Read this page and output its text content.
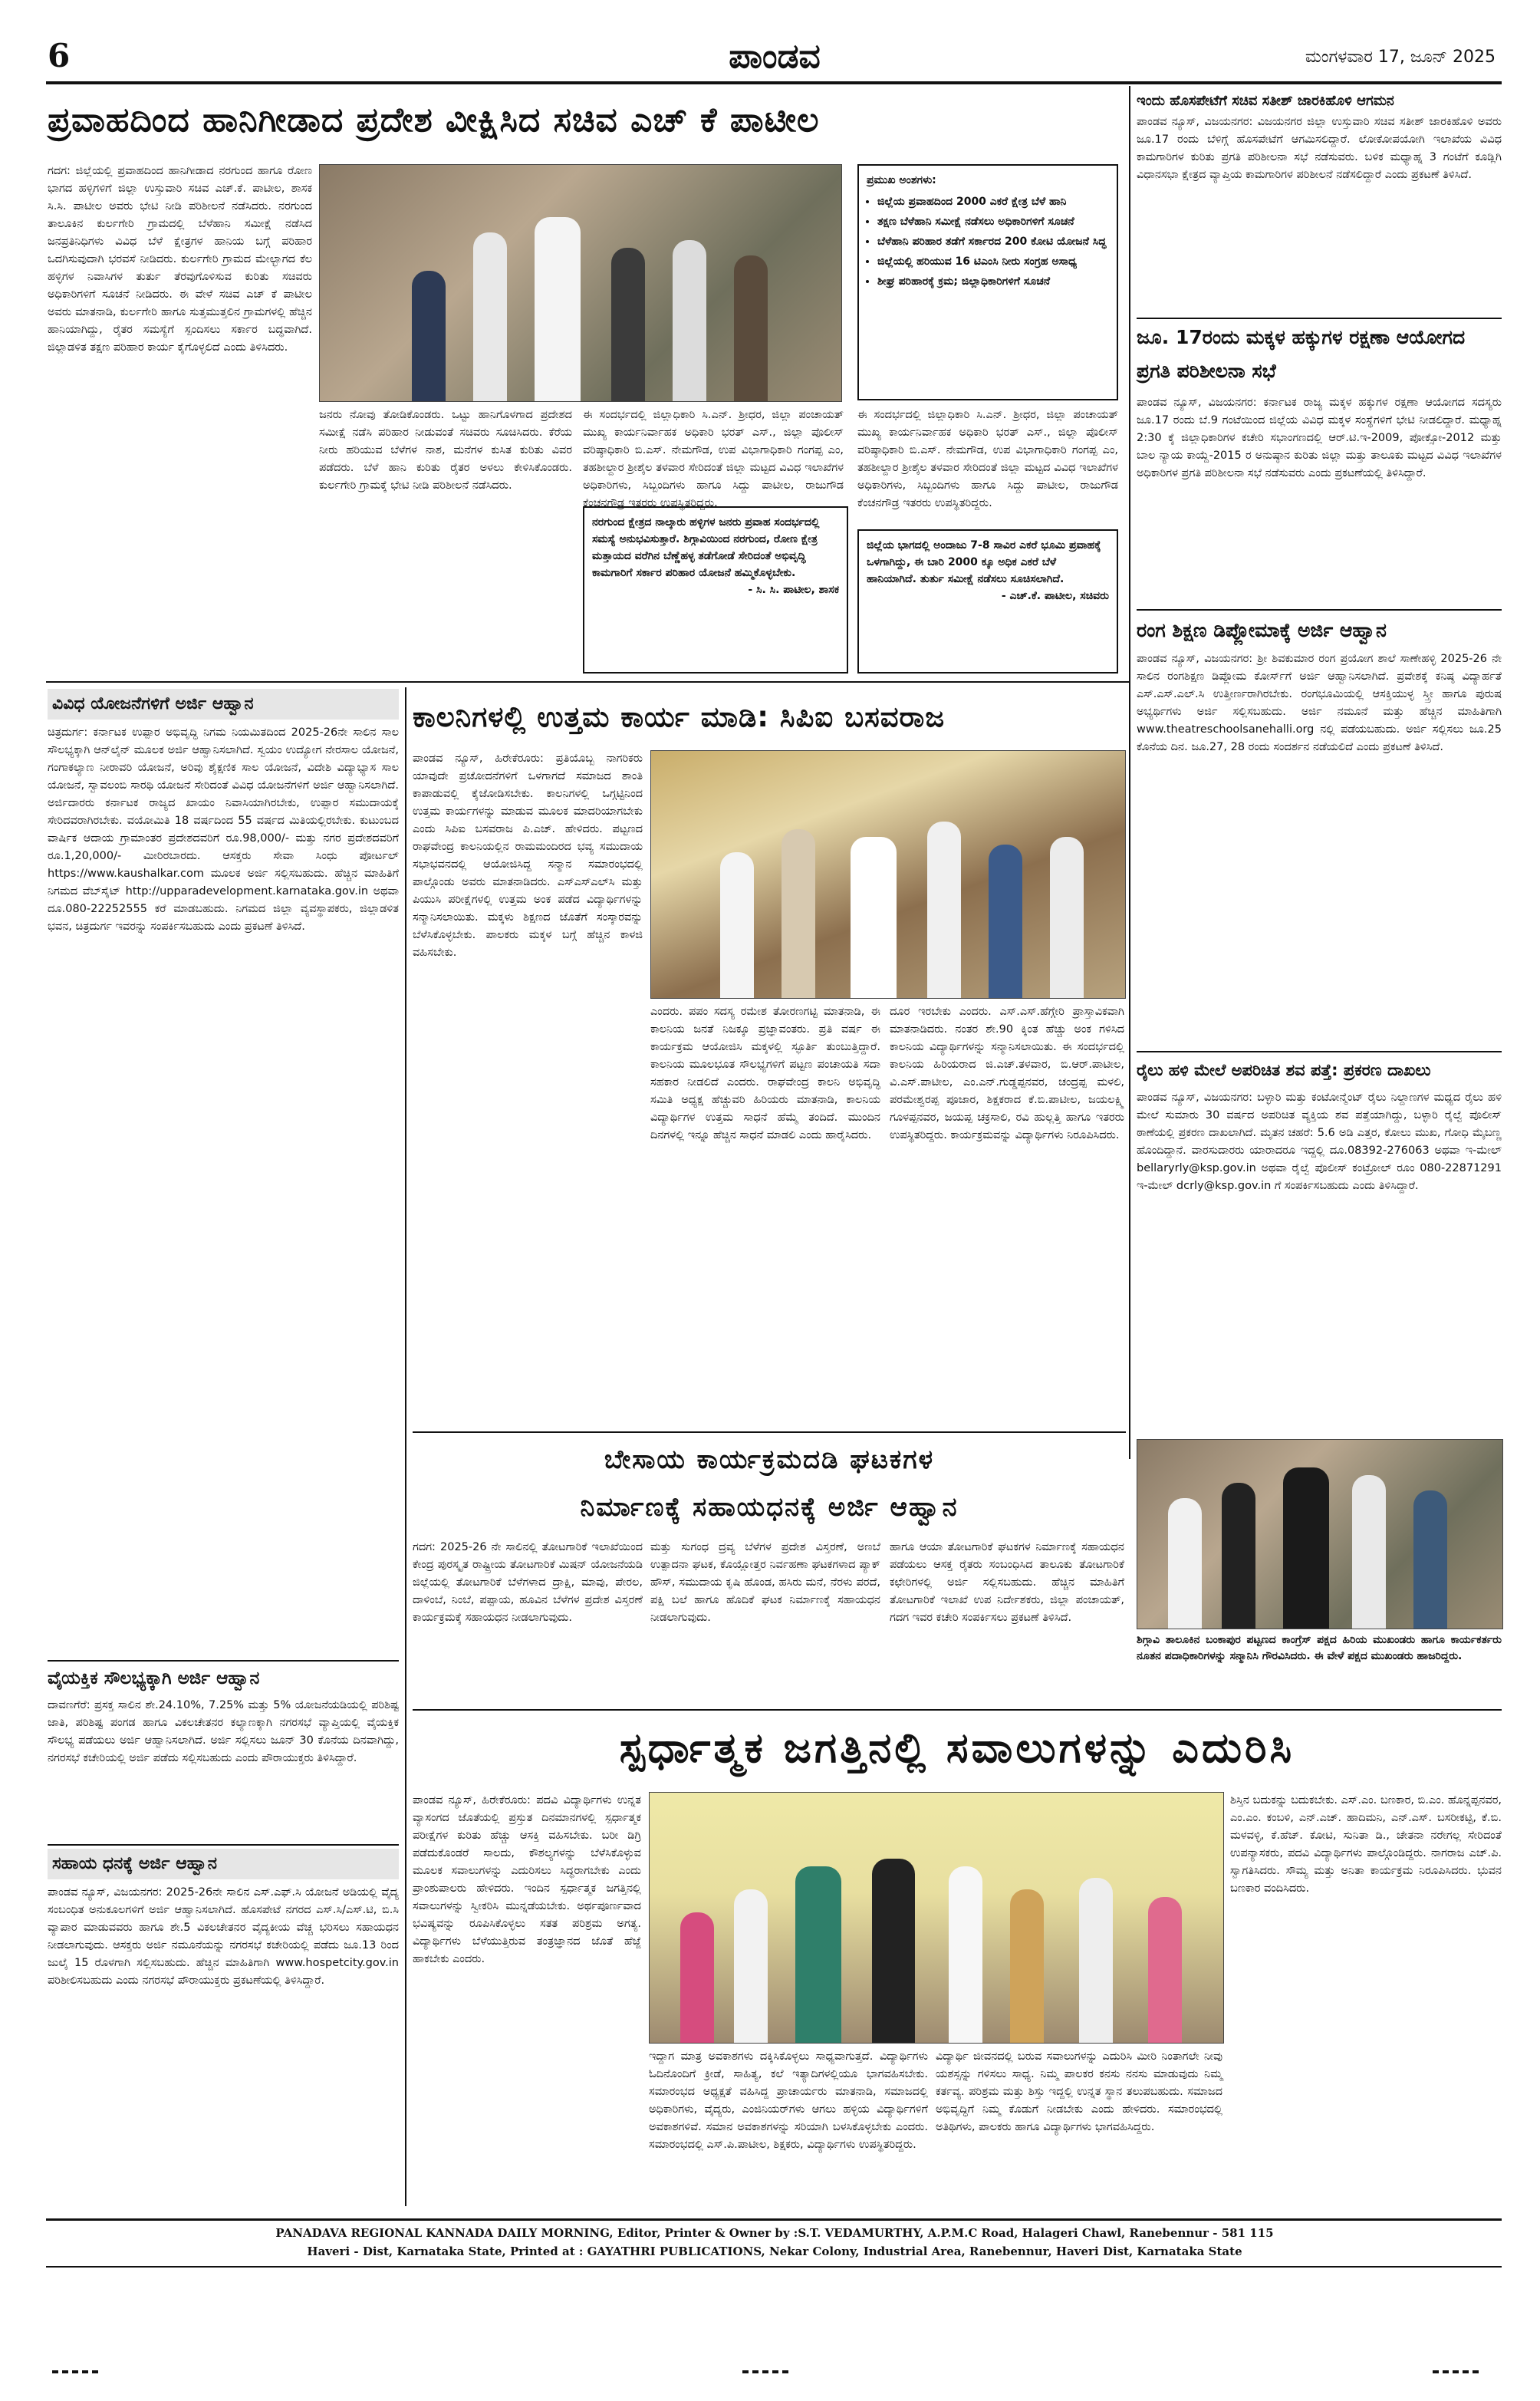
6	ಪಾಂಡವ	ಮಂಗಳವಾರ 17, ಜೂನ್ 2025
ಪ್ರವಾಹದಿಂದ ಹಾನಿಗೀಡಾದ ಪ್ರದೇಶ ವೀಕ್ಷಿಸಿದ ಸಚಿವ ಎಚ್ ಕೆ ಪಾಟೀಲ
ಗದಗ: ಜಿಲ್ಲೆಯಲ್ಲಿ ಪ್ರವಾಹದಿಂದ ಹಾನಿಗೀಡಾದ ನರಗುಂದ ಹಾಗೂ ರೋಣ ಭಾಗದ ಹಳ್ಳಿಗಳಿಗೆ ಜಿಲ್ಲಾ ಉಸ್ತುವಾರಿ ಸಚಿವ ಎಚ್.ಕೆ. ಪಾಟೀಲ, ಶಾಸಕ ಸಿ.ಸಿ. ಪಾಟೀಲ ಅವರು ಭೇಟಿ ನೀಡಿ ಪರಿಶೀಲನೆ ನಡೆಸಿದರು. ನರಗುಂದ ತಾಲೂಕಿನ ಕುರ್ಲಗೇರಿ ಗ್ರಾಮದಲ್ಲಿ ಬೆಳೆಹಾನಿ ಸಮೀಕ್ಷೆ ನಡೆಸಿದ ಜನಪ್ರತಿನಿಧಿಗಳು ವಿವಿಧ ಬೆಳೆ ಕ್ಷೇತ್ರಗಳ ಹಾನಿಯ ಬಗ್ಗೆ ಪರಿಹಾರ ಒದಗಿಸುವುದಾಗಿ ಭರವಸೆ ನೀಡಿದರು. ಕುರ್ಲಗೇರಿ ಗ್ರಾಮದ ಮೇಲ್ಭಾಗದ ಕೆಲ ಹಳ್ಳಿಗಳ ನಿವಾಸಿಗಳ ತುರ್ತು ತೆರವುಗೊಳಿಸುವ ಕುರಿತು ಸಚಿವರು ಅಧಿಕಾರಿಗಳಿಗೆ ಸೂಚನೆ ನೀಡಿದರು. ಈ ವೇಳೆ ಸಚಿವ ಎಚ್ ಕೆ ಪಾಟೀಲ ಅವರು ಮಾತನಾಡಿ, ಕುರ್ಲಗೇರಿ ಹಾಗೂ ಸುತ್ತಮುತ್ತಲಿನ ಗ್ರಾಮಗಳಲ್ಲಿ ಹೆಚ್ಚಿನ ಹಾನಿಯಾಗಿದ್ದು, ರೈತರ ಸಮಸ್ಯೆಗೆ ಸ್ಪಂದಿಸಲು ಸರ್ಕಾರ ಬದ್ಧವಾಗಿದೆ. ಜಿಲ್ಲಾಡಳಿತ ತಕ್ಷಣ ಪರಿಹಾರ ಕಾರ್ಯ ಕೈಗೊಳ್ಳಲಿದೆ ಎಂದು ತಿಳಿಸಿದರು.
ಜನರು ನೋವು ತೋಡಿಕೊಂಡರು. ಒಟ್ಟು ಹಾನಿಗೊಳಗಾದ ಪ್ರದೇಶದ ಸಮೀಕ್ಷೆ ನಡೆಸಿ ಪರಿಹಾರ ನೀಡುವಂತೆ ಸಚಿವರು ಸೂಚಿಸಿದರು. ಕೆರೆಯ ನೀರು ಹರಿಯುವ ಬೆಳೆಗಳ ನಾಶ, ಮನೆಗಳ ಕುಸಿತ ಕುರಿತು ವಿವರ ಪಡೆದರು. ಬೆಳೆ ಹಾನಿ ಕುರಿತು ರೈತರ ಅಳಲು ಕೇಳಿಸಿಕೊಂಡರು. ಕುರ್ಲಗೇರಿ ಗ್ರಾಮಕ್ಕೆ ಭೇಟಿ ನೀಡಿ ಪರಿಶೀಲನೆ ನಡೆಸಿದರು.
ಈ ಸಂದರ್ಭದಲ್ಲಿ ಜಿಲ್ಲಾಧಿಕಾರಿ ಸಿ.ಎನ್. ಶ್ರೀಧರ, ಜಿಲ್ಲಾ ಪಂಚಾಯತ್ ಮುಖ್ಯ ಕಾರ್ಯನಿರ್ವಾಹಕ ಅಧಿಕಾರಿ ಭರತ್ ಎಸ್., ಜಿಲ್ಲಾ ಪೊಲೀಸ್ ವರಿಷ್ಠಾಧಿಕಾರಿ ಬಿ.ಎಸ್. ನೇಮಗೌಡ, ಉಪ ವಿಭಾಗಾಧಿಕಾರಿ ಗಂಗಪ್ಪ ಎಂ, ತಹಶೀಲ್ದಾರ ಶ್ರೀಶೈಲ ತಳವಾರ ಸೇರಿದಂತೆ ಜಿಲ್ಲಾ ಮಟ್ಟದ ವಿವಿಧ ಇಲಾಖೆಗಳ ಅಧಿಕಾರಿಗಳು, ಸಿಬ್ಬಂದಿಗಳು ಹಾಗೂ ಸಿದ್ದು ಪಾಟೀಲ, ರಾಜುಗೌಡ ಕೆಂಚನಗೌಡ್ರ ಇತರರು ಉಪಸ್ಥಿತರಿದ್ದರು.
ಪ್ರಮುಖ ಅಂಶಗಳು:
• ಜಿಲ್ಲೆಯ ಪ್ರವಾಹದಿಂದ 2000 ಎಕರೆ ಕ್ಷೇತ್ರ ಬೆಳೆ ಹಾನಿ
• ತಕ್ಷಣ ಬೆಳೆಹಾನಿ ಸಮೀಕ್ಷೆ ನಡೆಸಲು ಅಧಿಕಾರಿಗಳಿಗೆ ಸೂಚನೆ
• ಬೆಳೆಹಾನಿ ಪರಿಹಾರ ತಡೆಗೆ ಸರ್ಕಾರದ 200 ಕೋಟಿ ಯೋಜನೆ ಸಿದ್ಧ
• ಜಿಲ್ಲೆಯಲ್ಲಿ ಹರಿಯುವ 16 ಟಿಎಂಸಿ ನೀರು ಸಂಗ್ರಹ ಅಸಾಧ್ಯ
• ಶೀಘ್ರ ಪರಿಹಾರಕ್ಕೆ ಕ್ರಮ; ಜಿಲ್ಲಾಧಿಕಾರಿಗಳಿಗೆ ಸೂಚನೆ
ಈ ಸಂದರ್ಭದಲ್ಲಿ ಜಿಲ್ಲಾಧಿಕಾರಿ ಸಿ.ಎನ್. ಶ್ರೀಧರ, ಜಿಲ್ಲಾ ಪಂಚಾಯತ್ ಮುಖ್ಯ ಕಾರ್ಯನಿರ್ವಾಹಕ ಅಧಿಕಾರಿ ಭರತ್ ಎಸ್., ಜಿಲ್ಲಾ ಪೊಲೀಸ್ ವರಿಷ್ಠಾಧಿಕಾರಿ ಬಿ.ಎಸ್. ನೇಮಗೌಡ, ಉಪ ವಿಭಾಗಾಧಿಕಾರಿ ಗಂಗಪ್ಪ ಎಂ, ತಹಶೀಲ್ದಾರ ಶ್ರೀಶೈಲ ತಳವಾರ ಸೇರಿದಂತೆ ಜಿಲ್ಲಾ ಮಟ್ಟದ ವಿವಿಧ ಇಲಾಖೆಗಳ ಅಧಿಕಾರಿಗಳು, ಸಿಬ್ಬಂದಿಗಳು ಹಾಗೂ ಸಿದ್ದು ಪಾಟೀಲ, ರಾಜುಗೌಡ ಕೆಂಚನಗೌಡ್ರ ಇತರರು ಉಪಸ್ಥಿತರಿದ್ದರು.
ನರಗುಂದ ಕ್ಷೇತ್ರದ ನಾಲ್ಕಾರು ಹಳ್ಳಿಗಳ ಜನರು ಪ್ರವಾಹ ಸಂದರ್ಭದಲ್ಲಿ ಸಮಸ್ಯೆ ಅನುಭವಿಸುತ್ತಾರೆ. ಶಿಗ್ಗಾವಿಯಿಂದ ನರಗುಂದ, ರೋಣ ಕ್ಷೇತ್ರ ಮತ್ತಾಯದ ವರೆಗಿನ ಬೆಣ್ಣೆಹಳ್ಳ ತಡೆಗೋಡೆ ಸೇರಿದಂತೆ ಅಭಿವೃದ್ಧಿ ಕಾಮಗಾರಿಗೆ ಸರ್ಕಾರ ಪರಿಹಾರ ಯೋಜನೆ ಹಮ್ಮಿಕೊಳ್ಳಬೇಕು.
- ಸಿ. ಸಿ. ಪಾಟೀಲ, ಶಾಸಕ
ಜಿಲ್ಲೆಯ ಭಾಗದಲ್ಲಿ ಅಂದಾಜು 7-8 ಸಾವಿರ ಎಕರೆ ಭೂಮಿ ಪ್ರವಾಹಕ್ಕೆ ಒಳಗಾಗಿದ್ದು, ಈ ಬಾರಿ 2000 ಕ್ಕೂ ಅಧಿಕ ಎಕರೆ ಬೆಳೆ ಹಾನಿಯಾಗಿದೆ. ತುರ್ತು ಸಮೀಕ್ಷೆ ನಡೆಸಲು ಸೂಚಿಸಲಾಗಿದೆ.
- ಎಚ್.ಕೆ. ಪಾಟೀಲ, ಸಚಿವರು
ಇಂದು ಹೊಸಪೇಟೆಗೆ ಸಚಿವ ಸತೀಶ್ ಜಾರಕಿಹೊಳಿ ಆಗಮನ
ಪಾಂಡವ ನ್ಯೂಸ್, ವಿಜಯನಗರ: ವಿಜಯನಗರ ಜಿಲ್ಲಾ ಉಸ್ತುವಾರಿ ಸಚಿವ ಸತೀಶ್ ಜಾರಕಿಹೊಳಿ ಅವರು ಜೂ.17 ರಂದು ಬೆಳಿಗ್ಗೆ ಹೊಸಪೇಟೆಗೆ ಆಗಮಿಸಲಿದ್ದಾರೆ. ಲೋಕೋಪಯೋಗಿ ಇಲಾಖೆಯ ವಿವಿಧ ಕಾಮಗಾರಿಗಳ ಕುರಿತು ಪ್ರಗತಿ ಪರಿಶೀಲನಾ ಸಭೆ ನಡೆಸುವರು. ಬಳಿಕ ಮಧ್ಯಾಹ್ನ 3 ಗಂಟೆಗೆ ಕೂಡ್ಲಿಗಿ ವಿಧಾನಸಭಾ ಕ್ಷೇತ್ರದ ವ್ಯಾಪ್ತಿಯ ಕಾಮಗಾರಿಗಳ ಪರಿಶೀಲನೆ ನಡೆಸಲಿದ್ದಾರೆ ಎಂದು ಪ್ರಕಟಣೆ ತಿಳಿಸಿದೆ.
ಜೂ. 17ರಂದು ಮಕ್ಕಳ ಹಕ್ಕುಗಳ ರಕ್ಷಣಾ ಆಯೋಗದ ಪ್ರಗತಿ ಪರಿಶೀಲನಾ ಸಭೆ
ಪಾಂಡವ ನ್ಯೂಸ್, ವಿಜಯನಗರ: ಕರ್ನಾಟಕ ರಾಜ್ಯ ಮಕ್ಕಳ ಹಕ್ಕುಗಳ ರಕ್ಷಣಾ ಆಯೋಗದ ಸದಸ್ಯರು ಜೂ.17 ರಂದು ಬೆ.9 ಗಂಟೆಯಿಂದ ಜಿಲ್ಲೆಯ ವಿವಿಧ ಮಕ್ಕಳ ಸಂಸ್ಥೆಗಳಿಗೆ ಭೇಟಿ ನೀಡಲಿದ್ದಾರೆ. ಮಧ್ಯಾಹ್ನ 2:30 ಕ್ಕೆ ಜಿಲ್ಲಾಧಿಕಾರಿಗಳ ಕಚೇರಿ ಸಭಾಂಗಣದಲ್ಲಿ ಆರ್.ಟಿ.ಇ-2009, ಪೋಕ್ಸೋ-2012 ಮತ್ತು ಬಾಲ ನ್ಯಾಯ ಕಾಯ್ದೆ-2015 ರ ಅನುಷ್ಠಾನ ಕುರಿತು ಜಿಲ್ಲಾ ಮತ್ತು ತಾಲೂಕು ಮಟ್ಟದ ವಿವಿಧ ಇಲಾಖೆಗಳ ಅಧಿಕಾರಿಗಳ ಪ್ರಗತಿ ಪರಿಶೀಲನಾ ಸಭೆ ನಡೆಸುವರು ಎಂದು ಪ್ರಕಟಣೆಯಲ್ಲಿ ತಿಳಿಸಿದ್ದಾರೆ.
ರಂಗ ಶಿಕ್ಷಣ ಡಿಪ್ಲೋಮಾಕ್ಕೆ ಅರ್ಜಿ ಆಹ್ವಾನ
ಪಾಂಡವ ನ್ಯೂಸ್, ವಿಜಯನಗರ: ಶ್ರೀ ಶಿವಕುಮಾರ ರಂಗ ಪ್ರಯೋಗ ಶಾಲೆ ಸಾಣೇಹಳ್ಳಿ 2025-26 ನೇ ಸಾಲಿನ ರಂಗಶಿಕ್ಷಣ ಡಿಪ್ಲೋಮ ಕೋರ್ಸ್‌ಗೆ ಅರ್ಜಿ ಆಹ್ವಾನಿಸಲಾಗಿದೆ. ಪ್ರವೇಶಕ್ಕೆ ಕನಿಷ್ಠ ವಿದ್ಯಾರ್ಹತೆ ಎಸ್.ಎಸ್.ಎಲ್.ಸಿ ಉತ್ತೀರ್ಣರಾಗಿರಬೇಕು. ರಂಗಭೂಮಿಯಲ್ಲಿ ಆಸಕ್ತಿಯುಳ್ಳ ಸ್ತ್ರೀ ಹಾಗೂ ಪುರುಷ ಅಭ್ಯರ್ಥಿಗಳು ಅರ್ಜಿ ಸಲ್ಲಿಸಬಹುದು. ಅರ್ಜಿ ನಮೂನೆ ಮತ್ತು ಹೆಚ್ಚಿನ ಮಾಹಿತಿಗಾಗಿ www.theatreschoolsanehalli.org ನಲ್ಲಿ ಪಡೆಯಬಹುದು. ಅರ್ಜಿ ಸಲ್ಲಿಸಲು ಜೂ.25 ಕೊನೆಯ ದಿನ. ಜೂ.27, 28 ರಂದು ಸಂದರ್ಶನ ನಡೆಯಲಿದೆ ಎಂದು ಪ್ರಕಟಣೆ ತಿಳಿಸಿದೆ.
ರೈಲು ಹಳಿ ಮೇಲೆ ಅಪರಿಚಿತ ಶವ ಪತ್ತೆ: ಪ್ರಕರಣ ದಾಖಲು
ಪಾಂಡವ ನ್ಯೂಸ್, ವಿಜಯನಗರ: ಬಳ್ಳಾರಿ ಮತ್ತು ಕಂಟೋನ್ಮೆಂಟ್ ರೈಲು ನಿಲ್ದಾಣಗಳ ಮಧ್ಯದ ರೈಲು ಹಳಿ ಮೇಲೆ ಸುಮಾರು 30 ವರ್ಷದ ಅಪರಿಚಿತ ವ್ಯಕ್ತಿಯ ಶವ ಪತ್ತೆಯಾಗಿದ್ದು, ಬಳ್ಳಾರಿ ರೈಲ್ವೆ ಪೊಲೀಸ್ ಠಾಣೆಯಲ್ಲಿ ಪ್ರಕರಣ ದಾಖಲಾಗಿದೆ. ಮೃತನ ಚಹರೆ: 5.6 ಅಡಿ ಎತ್ತರ, ಕೋಲು ಮುಖ, ಗೋಧಿ ಮೈಬಣ್ಣ ಹೊಂದಿದ್ದಾನೆ. ವಾರಸುದಾರರು ಯಾರಾದರೂ ಇದ್ದಲ್ಲಿ ದೂ.08392-276063 ಅಥವಾ ಇ-ಮೇಲ್ bellaryrly@ksp.gov.in ಅಥವಾ ರೈಲ್ವೆ ಪೊಲೀಸ್ ಕಂಟ್ರೋಲ್ ರೂಂ 080-22871291 ಇ-ಮೇಲ್ dcrly@ksp.gov.in ಗೆ ಸಂಪರ್ಕಿಸಬಹುದು ಎಂದು ತಿಳಿಸಿದ್ದಾರೆ.
ಶಿಗ್ಗಾವಿ ತಾಲೂಕಿನ ಬಂಕಾಪುರ ಪಟ್ಟಣದ ಕಾಂಗ್ರೆಸ್ ಪಕ್ಷದ ಹಿರಿಯ ಮುಖಂಡರು ಹಾಗೂ ಕಾರ್ಯಕರ್ತರು ನೂತನ ಪದಾಧಿಕಾರಿಗಳನ್ನು ಸನ್ಮಾನಿಸಿ ಗೌರವಿಸಿದರು. ಈ ವೇಳೆ ಪಕ್ಷದ ಮುಖಂಡರು ಹಾಜರಿದ್ದರು.
ವಿವಿಧ ಯೋಜನೆಗಳಿಗೆ ಅರ್ಜಿ ಆಹ್ವಾನ
ಚಿತ್ರದುರ್ಗ: ಕರ್ನಾಟಕ ಉಪ್ಪಾರ ಅಭಿವೃದ್ಧಿ ನಿಗಮ ನಿಯಮಿತದಿಂದ 2025-26ನೇ ಸಾಲಿನ ಸಾಲ ಸೌಲಭ್ಯಕ್ಕಾಗಿ ಆನ್‌ಲೈನ್ ಮೂಲಕ ಅರ್ಜಿ ಆಹ್ವಾನಿಸಲಾಗಿದೆ. ಸ್ವಯಂ ಉದ್ಯೋಗ ನೇರಸಾಲ ಯೋಜನೆ, ಗಂಗಾಕಲ್ಯಾಣ ನೀರಾವರಿ ಯೋಜನೆ, ಅರಿವು ಶೈಕ್ಷಣಿಕ ಸಾಲ ಯೋಜನೆ, ವಿದೇಶಿ ವಿದ್ಯಾಭ್ಯಾಸ ಸಾಲ ಯೋಜನೆ, ಸ್ವಾವಲಂಬಿ ಸಾರಥಿ ಯೋಜನೆ ಸೇರಿದಂತೆ ವಿವಿಧ ಯೋಜನೆಗಳಿಗೆ ಅರ್ಜಿ ಆಹ್ವಾನಿಸಲಾಗಿದೆ. ಅರ್ಜಿದಾರರು ಕರ್ನಾಟಕ ರಾಜ್ಯದ ಖಾಯಂ ನಿವಾಸಿಯಾಗಿರಬೇಕು, ಉಪ್ಪಾರ ಸಮುದಾಯಕ್ಕೆ ಸೇರಿದವರಾಗಿರಬೇಕು. ವಯೋಮಿತಿ 18 ವರ್ಷದಿಂದ 55 ವರ್ಷದ ಮಿತಿಯಲ್ಲಿರಬೇಕು. ಕುಟುಂಬದ ವಾರ್ಷಿಕ ಆದಾಯ ಗ್ರಾಮಾಂತರ ಪ್ರದೇಶದವರಿಗೆ ರೂ.98,000/- ಮತ್ತು ನಗರ ಪ್ರದೇಶದವರಿಗೆ ರೂ.1,20,000/- ಮೀರಿರಬಾರದು. ಆಸಕ್ತರು ಸೇವಾ ಸಿಂಧು ಪೋರ್ಟಲ್ https://www.kaushalkar.com ಮೂಲಕ ಅರ್ಜಿ ಸಲ್ಲಿಸಬಹುದು. ಹೆಚ್ಚಿನ ಮಾಹಿತಿಗೆ ನಿಗಮದ ವೆಬ್‌ಸೈಟ್ http://upparadevelopment.karnataka.gov.in ಅಥವಾ ದೂ.080-22252555 ಕರೆ ಮಾಡಬಹುದು. ನಿಗಮದ ಜಿಲ್ಲಾ ವ್ಯವಸ್ಥಾಪಕರು, ಜಿಲ್ಲಾಡಳಿತ ಭವನ, ಚಿತ್ರದುರ್ಗ ಇವರನ್ನು ಸಂಪರ್ಕಿಸಬಹುದು ಎಂದು ಪ್ರಕಟಣೆ ತಿಳಿಸಿದೆ.
ವೈಯಕ್ತಿಕ ಸೌಲಭ್ಯಕ್ಕಾಗಿ ಅರ್ಜಿ ಆಹ್ವಾನ
ದಾವಣಗೆರೆ: ಪ್ರಸಕ್ತ ಸಾಲಿನ ಶೇ.24.10%, 7.25% ಮತ್ತು 5% ಯೋಜನೆಯಡಿಯಲ್ಲಿ ಪರಿಶಿಷ್ಟ ಜಾತಿ, ಪರಿಶಿಷ್ಟ ಪಂಗಡ ಹಾಗೂ ವಿಕಲಚೇತನರ ಕಲ್ಯಾಣಕ್ಕಾಗಿ ನಗರಸಭೆ ವ್ಯಾಪ್ತಿಯಲ್ಲಿ ವೈಯಕ್ತಿಕ ಸೌಲಭ್ಯ ಪಡೆಯಲು ಅರ್ಜಿ ಆಹ್ವಾನಿಸಲಾಗಿದೆ. ಅರ್ಜಿ ಸಲ್ಲಿಸಲು ಜೂನ್ 30 ಕೊನೆಯ ದಿನವಾಗಿದ್ದು, ನಗರಸಭೆ ಕಚೇರಿಯಲ್ಲಿ ಅರ್ಜಿ ಪಡೆದು ಸಲ್ಲಿಸಬಹುದು ಎಂದು ಪೌರಾಯುಕ್ತರು ತಿಳಿಸಿದ್ದಾರೆ.
ಸಹಾಯ ಧನಕ್ಕೆ ಅರ್ಜಿ ಆಹ್ವಾನ
ಪಾಂಡವ ನ್ಯೂಸ್, ವಿಜಯನಗರ: 2025-26ನೇ ಸಾಲಿನ ಎಸ್.ಎಫ್.ಸಿ ಯೋಜನೆ ಅಡಿಯಲ್ಲಿ ವೈದ್ಯ ಸಂಬಂಧಿತ ಅನುಕೂಲಗಳಿಗೆ ಅರ್ಜಿ ಆಹ್ವಾನಿಸಲಾಗಿದೆ. ಹೊಸಪೇಟೆ ನಗರದ ಎಸ್.ಸಿ/ಎಸ್.ಟಿ, ಬಿ.ಸಿ ವ್ಯಾಪಾರ ಮಾಡುವವರು ಹಾಗೂ ಶೇ.5 ವಿಕಲಚೇತನರ ವೈದ್ಯಕೀಯ ವೆಚ್ಚ ಭರಿಸಲು ಸಹಾಯಧನ ನೀಡಲಾಗುವುದು. ಆಸಕ್ತರು ಅರ್ಜಿ ನಮೂನೆಯನ್ನು ನಗರಸಭೆ ಕಚೇರಿಯಲ್ಲಿ ಪಡೆದು ಜೂ.13 ರಿಂದ ಜುಲೈ 15 ರೊಳಗಾಗಿ ಸಲ್ಲಿಸಬಹುದು. ಹೆಚ್ಚಿನ ಮಾಹಿತಿಗಾಗಿ www.hospetcity.gov.in ಪರಿಶೀಲಿಸಬಹುದು ಎಂದು ನಗರಸಭೆ ಪೌರಾಯುಕ್ತರು ಪ್ರಕಟಣೆಯಲ್ಲಿ ತಿಳಿಸಿದ್ದಾರೆ.
ಕಾಲನಿಗಳಲ್ಲಿ ಉತ್ತಮ ಕಾರ್ಯ ಮಾಡಿ: ಸಿಪಿಐ ಬಸವರಾಜ
ಪಾಂಡವ ನ್ಯೂಸ್, ಹಿರೇಕೆರೂರು: ಪ್ರತಿಯೊಬ್ಬ ನಾಗರಿಕರು ಯಾವುದೇ ಪ್ರಚೋದನೆಗಳಿಗೆ ಒಳಗಾಗದೆ ಸಮಾಜದ ಶಾಂತಿ ಕಾಪಾಡುವಲ್ಲಿ ಕೈಜೋಡಿಸಬೇಕು. ಕಾಲನಿಗಳಲ್ಲಿ ಒಗ್ಗಟ್ಟಿನಿಂದ ಉತ್ತಮ ಕಾರ್ಯಗಳನ್ನು ಮಾಡುವ ಮೂಲಕ ಮಾದರಿಯಾಗಬೇಕು ಎಂದು ಸಿಪಿಐ ಬಸವರಾಜ ಪಿ.ಎಚ್. ಹೇಳಿದರು. ಪಟ್ಟಣದ ರಾಘವೇಂದ್ರ ಕಾಲನಿಯಲ್ಲಿನ ರಾಮಮಂದಿರದ ಭವ್ಯ ಸಮುದಾಯ ಸಭಾಭವನದಲ್ಲಿ ಆಯೋಜಿಸಿದ್ದ ಸನ್ಮಾನ ಸಮಾರಂಭದಲ್ಲಿ ಪಾಲ್ಗೊಂಡು ಅವರು ಮಾತನಾಡಿದರು. ಎಸ್ಎಸ್ಎಲ್‌ಸಿ ಮತ್ತು ಪಿಯುಸಿ ಪರೀಕ್ಷೆಗಳಲ್ಲಿ ಉತ್ತಮ ಅಂಕ ಪಡೆದ ವಿದ್ಯಾರ್ಥಿಗಳನ್ನು ಸನ್ಮಾನಿಸಲಾಯಿತು. ಮಕ್ಕಳು ಶಿಕ್ಷಣದ ಜೊತೆಗೆ ಸಂಸ್ಕಾರವನ್ನು ಬೆಳೆಸಿಕೊಳ್ಳಬೇಕು. ಪಾಲಕರು ಮಕ್ಕಳ ಬಗ್ಗೆ ಹೆಚ್ಚಿನ ಕಾಳಜಿ ವಹಿಸಬೇಕು.
ಎಂದರು. ಪಪಂ ಸದಸ್ಯ ರಮೇಶ ತೋರಣಗಟ್ಟಿ ಮಾತನಾಡಿ, ಈ ಕಾಲನಿಯ ಜನತೆ ನಿಜಕ್ಕೂ ಪ್ರಜ್ಞಾವಂತರು. ಪ್ರತಿ ವರ್ಷ ಈ ಕಾರ್ಯಕ್ರಮ ಆಯೋಜಿಸಿ ಮಕ್ಕಳಲ್ಲಿ ಸ್ಫೂರ್ತಿ ತುಂಬುತ್ತಿದ್ದಾರೆ. ಕಾಲನಿಯ ಮೂಲಭೂತ ಸೌಲಭ್ಯಗಳಿಗೆ ಪಟ್ಟಣ ಪಂಚಾಯತಿ ಸದಾ ಸಹಕಾರ ನೀಡಲಿದೆ ಎಂದರು. ರಾಘವೇಂದ್ರ ಕಾಲನಿ ಅಭಿವೃದ್ಧಿ ಸಮಿತಿ ಅಧ್ಯಕ್ಷ ಹೆಚ್ಚುವರಿ ಹಿರಿಯರು ಮಾತನಾಡಿ, ಕಾಲನಿಯ ವಿದ್ಯಾರ್ಥಿಗಳ ಉತ್ತಮ ಸಾಧನೆ ಹೆಮ್ಮೆ ತಂದಿದೆ. ಮುಂದಿನ ದಿನಗಳಲ್ಲಿ ಇನ್ನೂ ಹೆಚ್ಚಿನ ಸಾಧನೆ ಮಾಡಲಿ ಎಂದು ಹಾರೈಸಿದರು.
ದೂರ ಇರಬೇಕು ಎಂದರು. ಎಸ್.ಎಸ್.ಹೆಗ್ಗೇರಿ ಪ್ರಾಸ್ತಾವಿಕವಾಗಿ ಮಾತನಾಡಿದರು. ನಂತರ ಶೇ.90 ಕ್ಕಿಂತ ಹೆಚ್ಚು ಅಂಕ ಗಳಿಸಿದ ಕಾಲನಿಯ ವಿದ್ಯಾರ್ಥಿಗಳನ್ನು ಸನ್ಮಾನಿಸಲಾಯಿತು. ಈ ಸಂದರ್ಭದಲ್ಲಿ ಕಾಲನಿಯ ಹಿರಿಯರಾದ ಜಿ.ಎಚ್.ತಳವಾರ, ಬಿ.ಆರ್.ಪಾಟೀಲ, ವಿ.ಎಸ್.ಪಾಟೀಲ, ಎಂ.ಎನ್.ಗುಡ್ಡಪ್ಪನವರ, ಚಂದ್ರಪ್ಪ ಮಳಲಿ, ಪರಮೇಶ್ವರಪ್ಪ ಪೂಜಾರ, ಶಿಕ್ಷಕರಾದ ಕೆ.ಬಿ.ಪಾಟೀಲ, ಜಯಲಕ್ಷ್ಮಿ ಗೂಳಪ್ಪನವರ, ಜಯಪ್ಪ ಚಕ್ರಸಾಲಿ, ರವಿ ಹುಲ್ಲತ್ತಿ ಹಾಗೂ ಇತರರು ಉಪಸ್ಥಿತರಿದ್ದರು. ಕಾರ್ಯಕ್ರಮವನ್ನು ವಿದ್ಯಾರ್ಥಿಗಳು ನಿರೂಪಿಸಿದರು.
ಬೇಸಾಯ ಕಾರ್ಯಕ್ರಮದಡಿ ಘಟಕಗಳ
ನಿರ್ಮಾಣಕ್ಕೆ ಸಹಾಯಧನಕ್ಕೆ ಅರ್ಜಿ ಆಹ್ವಾನ
ಗದಗ: 2025-26 ನೇ ಸಾಲಿನಲ್ಲಿ ತೋಟಗಾರಿಕೆ ಇಲಾಖೆಯಿಂದ ಕೇಂದ್ರ ಪುರಸ್ಕೃತ ರಾಷ್ಟ್ರೀಯ ತೋಟಗಾರಿಕೆ ಮಿಷನ್ ಯೋಜನೆಯಡಿ ಜಿಲ್ಲೆಯಲ್ಲಿ ತೋಟಗಾರಿಕೆ ಬೆಳೆಗಳಾದ ದ್ರಾಕ್ಷಿ, ಮಾವು, ಪೇರಲ, ದಾಳಿಂಬೆ, ನಿಂಬೆ, ಪಪ್ಪಾಯ, ಹೂವಿನ ಬೆಳೆಗಳ ಪ್ರದೇಶ ವಿಸ್ತರಣೆ ಕಾರ್ಯಕ್ರಮಕ್ಕೆ ಸಹಾಯಧನ ನೀಡಲಾಗುವುದು.
ಮತ್ತು ಸುಗಂಧ ದ್ರವ್ಯ ಬೆಳೆಗಳ ಪ್ರದೇಶ ವಿಸ್ತರಣೆ, ಅಣಬೆ ಉತ್ಪಾದನಾ ಘಟಕ, ಕೊಯ್ಲೋತ್ತರ ನಿರ್ವಹಣಾ ಘಟಕಗಳಾದ ಪ್ಯಾಕ್ ಹೌಸ್, ಸಮುದಾಯ ಕೃಷಿ ಹೊಂಡ, ಹಸಿರು ಮನೆ, ನೆರಳು ಪರದೆ, ಪಕ್ಷಿ ಬಲೆ ಹಾಗೂ ಹೊದಿಕೆ ಘಟಕ ನಿರ್ಮಾಣಕ್ಕೆ ಸಹಾಯಧನ ನೀಡಲಾಗುವುದು.
ಹಾಗೂ ಆಯಾ ತೋಟಗಾರಿಕೆ ಘಟಕಗಳ ನಿರ್ಮಾಣಕ್ಕೆ ಸಹಾಯಧನ ಪಡೆಯಲು ಆಸಕ್ತ ರೈತರು ಸಂಬಂಧಿಸಿದ ತಾಲೂಕು ತೋಟಗಾರಿಕೆ ಕಛೇರಿಗಳಲ್ಲಿ ಅರ್ಜಿ ಸಲ್ಲಿಸಬಹುದು. ಹೆಚ್ಚಿನ ಮಾಹಿತಿಗೆ ತೋಟಗಾರಿಕೆ ಇಲಾಖೆ ಉಪ ನಿರ್ದೇಶಕರು, ಜಿಲ್ಲಾ ಪಂಚಾಯತ್, ಗದಗ ಇವರ ಕಚೇರಿ ಸಂಪರ್ಕಿಸಲು ಪ್ರಕಟಣೆ ತಿಳಿಸಿದೆ.
ಸ್ಪರ್ಧಾತ್ಮಕ ಜಗತ್ತಿನಲ್ಲಿ ಸವಾಲುಗಳನ್ನು ಎದುರಿಸಿ
ಪಾಂಡವ ನ್ಯೂಸ್, ಹಿರೇಕೆರೂರು: ಪದವಿ ವಿದ್ಯಾರ್ಥಿಗಳು ಉನ್ನತ ವ್ಯಾಸಂಗದ ಜೊತೆಯಲ್ಲಿ ಪ್ರಸ್ತುತ ದಿನಮಾನಗಳಲ್ಲಿ ಸ್ಪರ್ಧಾತ್ಮಕ ಪರೀಕ್ಷೆಗಳ ಕುರಿತು ಹೆಚ್ಚು ಆಸಕ್ತಿ ವಹಿಸಬೇಕು. ಬರೀ ಡಿಗ್ರಿ ಪಡೆದುಕೊಂಡರೆ ಸಾಲದು, ಕೌಶಲ್ಯಗಳನ್ನು ಬೆಳೆಸಿಕೊಳ್ಳುವ ಮೂಲಕ ಸವಾಲುಗಳನ್ನು ಎದುರಿಸಲು ಸಿದ್ಧರಾಗಬೇಕು ಎಂದು ಪ್ರಾಂಶುಪಾಲರು ಹೇಳಿದರು. ಇಂದಿನ ಸ್ಪರ್ಧಾತ್ಮಕ ಜಗತ್ತಿನಲ್ಲಿ ಸವಾಲುಗಳನ್ನು ಸ್ವೀಕರಿಸಿ ಮುನ್ನಡೆಯಬೇಕು. ಅರ್ಥಪೂರ್ಣವಾದ ಭವಿಷ್ಯವನ್ನು ರೂಪಿಸಿಕೊಳ್ಳಲು ಸತತ ಪರಿಶ್ರಮ ಅಗತ್ಯ. ವಿದ್ಯಾರ್ಥಿಗಳು ಬೆಳೆಯುತ್ತಿರುವ ತಂತ್ರಜ್ಞಾನದ ಜೊತೆ ಹೆಜ್ಜೆ ಹಾಕಬೇಕು ಎಂದರು.
ಇದ್ದಾಗ ಮಾತ್ರ ಅವಕಾಶಗಳು ದಕ್ಕಿಸಿಕೊಳ್ಳಲು ಸಾಧ್ಯವಾಗುತ್ತದೆ. ವಿದ್ಯಾರ್ಥಿಗಳು ಓದಿನೊಂದಿಗೆ ಕ್ರೀಡೆ, ಸಾಹಿತ್ಯ, ಕಲೆ ಇತ್ಯಾದಿಗಳಲ್ಲಿಯೂ ಭಾಗವಹಿಸಬೇಕು. ಸಮಾರಂಭದ ಅಧ್ಯಕ್ಷತೆ ವಹಿಸಿದ್ದ ಪ್ರಾಚಾರ್ಯರು ಮಾತನಾಡಿ, ಸಮಾಜದಲ್ಲಿ ಅಧಿಕಾರಿಗಳು, ವೈದ್ಯರು, ಎಂಜಿನಿಯರ್‌ಗಳು ಆಗಲು ಹಳ್ಳಿಯ ವಿದ್ಯಾರ್ಥಿಗಳಿಗೆ ಅವಕಾಶಗಳಿವೆ. ಸಮಾನ ಅವಕಾಶಗಳನ್ನು ಸರಿಯಾಗಿ ಬಳಸಿಕೊಳ್ಳಬೇಕು ಎಂದರು. ಸಮಾರಂಭದಲ್ಲಿ ಎಸ್.ಪಿ.ಪಾಟೀಲ, ಶಿಕ್ಷಕರು, ವಿದ್ಯಾರ್ಥಿಗಳು ಉಪಸ್ಥಿತರಿದ್ದರು.
ವಿದ್ಯಾರ್ಥಿ ಜೀವನದಲ್ಲಿ ಬರುವ ಸವಾಲುಗಳನ್ನು ಎದುರಿಸಿ ಮೀರಿ ನಿಂತಾಗಲೇ ನೀವು ಯಶಸ್ಸನ್ನು ಗಳಿಸಲು ಸಾಧ್ಯ. ನಿಮ್ಮ ಪಾಲಕರ ಕನಸು ನನಸು ಮಾಡುವುದು ನಿಮ್ಮ ಕರ್ತವ್ಯ. ಪರಿಶ್ರಮ ಮತ್ತು ಶಿಸ್ತು ಇದ್ದಲ್ಲಿ ಉನ್ನತ ಸ್ಥಾನ ತಲುಪಬಹುದು. ಸಮಾಜದ ಅಭಿವೃದ್ಧಿಗೆ ನಿಮ್ಮ ಕೊಡುಗೆ ನೀಡಬೇಕು ಎಂದು ಹೇಳಿದರು. ಸಮಾರಂಭದಲ್ಲಿ ಅತಿಥಿಗಳು, ಪಾಲಕರು ಹಾಗೂ ವಿದ್ಯಾರ್ಥಿಗಳು ಭಾಗವಹಿಸಿದ್ದರು.
ಶಿಸ್ತಿನ ಬದುಕನ್ನು ಬದುಕಬೇಕು. ಎಸ್.ಎಂ. ಬಣಕಾರ, ಬಿ.ಎಂ. ಹೊನ್ನಪ್ಪನವರ, ಎಂ.ಎಂ. ಕಂಬಳಿ, ಎನ್.ಎಚ್. ಹಾದಿಮನಿ, ಎನ್.ಎಸ್. ಬಸರೀಕಟ್ಟಿ, ಕೆ.ಬಿ. ಮಳವಳ್ಳಿ, ಕೆ.ಹೆಚ್. ಕೋಟಿ, ಸುನಿತಾ ಡಿ., ಚೇತನಾ ನರೇಗಲ್ಲ ಸೇರಿದಂತೆ ಉಪನ್ಯಾಸಕರು, ಪದವಿ ವಿದ್ಯಾರ್ಥಿಗಳು ಪಾಲ್ಗೊಂಡಿದ್ದರು. ನಾಗರಾಜ ಎಚ್.ಪಿ. ಸ್ವಾಗತಿಸಿದರು. ಸೌಮ್ಯ ಮತ್ತು ಅನಿತಾ ಕಾರ್ಯಕ್ರಮ ನಿರೂಪಿಸಿದರು. ಭುವನ ಬಣಕಾರ ವಂದಿಸಿದರು.
PANADAVA REGIONAL KANNADA DAILY MORNING, Editor, Printer & Owner by :S.T. VEDAMURTHY, A.P.M.C Road, Halageri Chawl, Ranebennur - 581 115
Haveri - Dist, Karnataka State, Printed at : GAYATHRI PUBLICATIONS, Nekar Colony, Industrial Area, Ranebennur, Haveri Dist, Karnataka State
